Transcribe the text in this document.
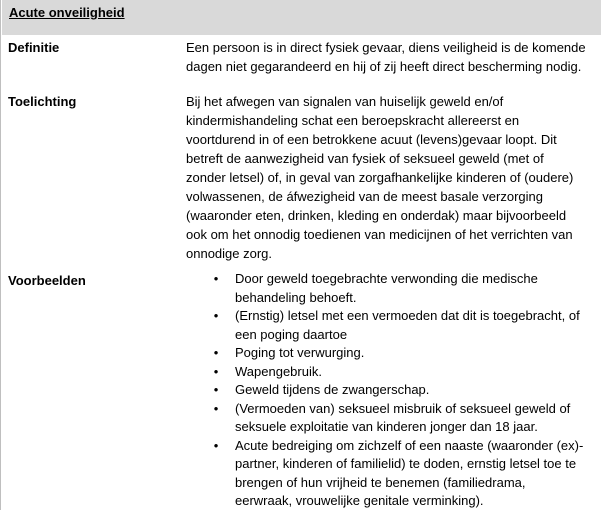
Acute onveiligheid
Definitie	Een persoon is in direct fysiek gevaar, diens veiligheid is de komende
dagen niet gegarandeerd en hij of zij heeft direct bescherming nodig.
Toelichting	Bij het afwegen van signalen van huiselijk geweld en/of
kindermishandeling schat een beroepskracht allereerst en
voortdurend in of een betrokkene acuut (levens)gevaar loopt. Dit
betreft de aanwezigheid van fysiek of seksueel geweld (met of
zonder letsel) of, in geval van zorgafhankelijke kinderen of (oudere)
volwassenen, de áfwezigheid van de meest basale verzorging
(waaronder eten, drinken, kleding en onderdak) maar bijvoorbeeld
ook om het onnodig toedienen van medicijnen of het verrichten van
onnodige zorg.
Voorbeelden	• Door geweld toegebrachte verwonding die medische
behandeling behoeft.
• (Ernstig) letsel met een vermoeden dat dit is toegebracht, of
een poging daartoe
• Poging tot verwurging.
• Wapengebruik.
• Geweld tijdens de zwangerschap.
• (Vermoeden van) seksueel misbruik of seksueel geweld of
seksuele exploitatie van kinderen jonger dan 18 jaar.
• Acute bedreiging om zichzelf of een naaste (waaronder (ex)-
partner, kinderen of familielid) te doden, ernstig letsel toe te
brengen of hun vrijheid te benemen (familiedrama,
eerwraak, vrouwelijke genitale verminking).
